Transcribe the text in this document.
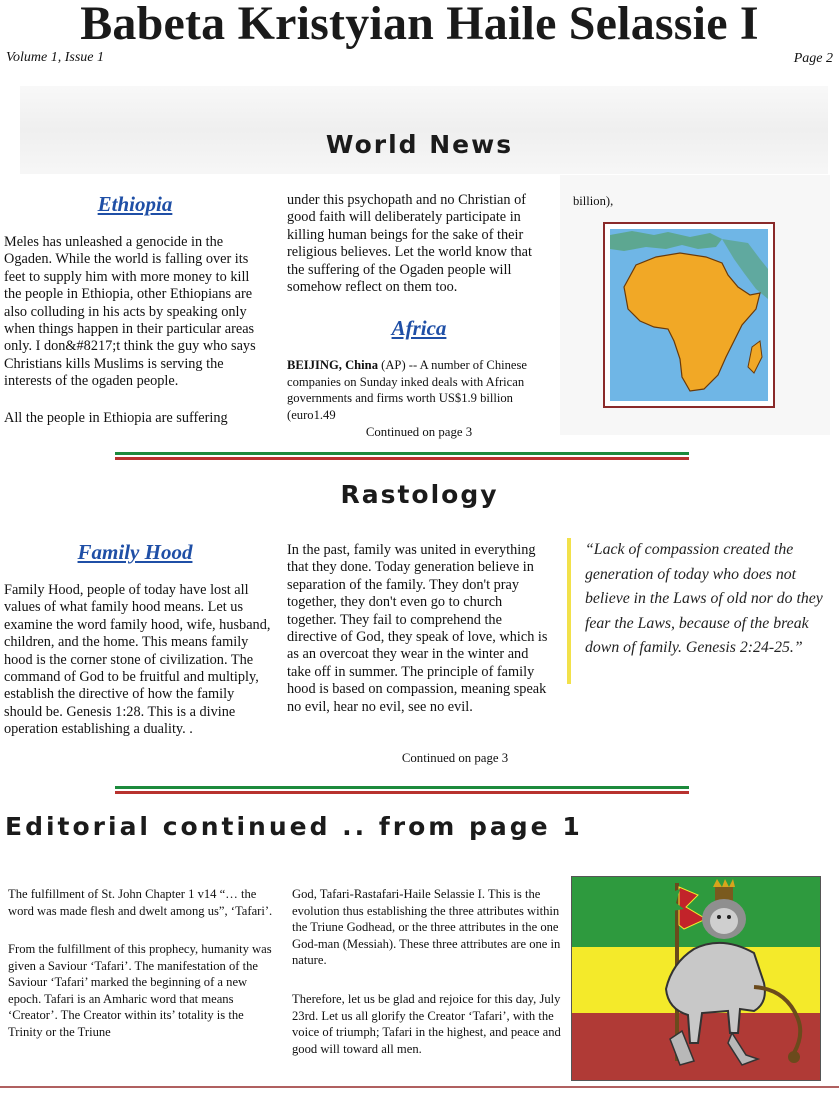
Babeta Kristyian Haile Selassie I
Volume 1, Issue 1	Page 2
World News
Ethiopia
Meles has unleashed a genocide in the Ogaden. While the world is falling over its feet to supply him with more money to kill the people in Ethiopia, other Ethiopians are also colluding in his acts by speaking only when things happen in their particular areas only. I don&#8217;t think the guy who says Christians kills Muslims is serving the interests of the ogaden people.
All the people in Ethiopia are suffering
under this psychopath and no Christian of good faith will deliberately participate in killing human beings for the sake of their religious believes. Let the world know that the suffering of the Ogaden people will somehow reflect on them too.
Africa
BEIJING, China (AP) -- A number of Chinese companies on Sunday inked deals with African governments and firms worth US$1.9 billion (euro1.49
Continued on page 3
billion),
Rastology
Family Hood
Family Hood, people of today have lost all values of what family hood means. Let us examine the word family hood, wife, husband, children, and the home. This means family hood is the corner stone of civilization. The command of God to be fruitful and multiply, establish the directive of how the family should be. Genesis 1:28. This is a divine operation establishing a duality. .
In the past, family was united in everything that they done. Today generation believe in separation of the family. They don't pray together, they don't even go to church together. They fail to comprehend the directive of God, they speak of love, which is as an overcoat they wear in the winter and take off in summer. The principle of family hood is based on compassion, meaning speak no evil, hear no evil, see no evil.
Continued on page 3
“Lack of compassion created the generation of today who does not believe in the Laws of old nor do they fear the Laws, because of the break down of family. Genesis 2:24-25.”
Editorial continued .. from page 1
The fulfillment of St. John Chapter 1 v14 “… the word was made flesh and dwelt among us”, ‘Tafari’.
From the fulfillment of this prophecy, humanity was given a Saviour ‘Tafari’. The manifestation of the Saviour ‘Tafari’ marked the beginning of a new epoch. Tafari is an Amharic word that means ‘Creator’. The Creator within its’ totality is the Trinity or the Triune
God, Tafari-Rastafari-Haile Selassie I. This is the evolution thus establishing the three attributes within the Triune Godhead, or the three attributes in the one God-man (Messiah). These three attributes are one in nature.
Therefore, let us be glad and rejoice for this day, July 23rd. Let us all glorify the Creator ‘Tafari’, with the voice of triumph; Tafari in the highest, and peace and good will toward all men.
